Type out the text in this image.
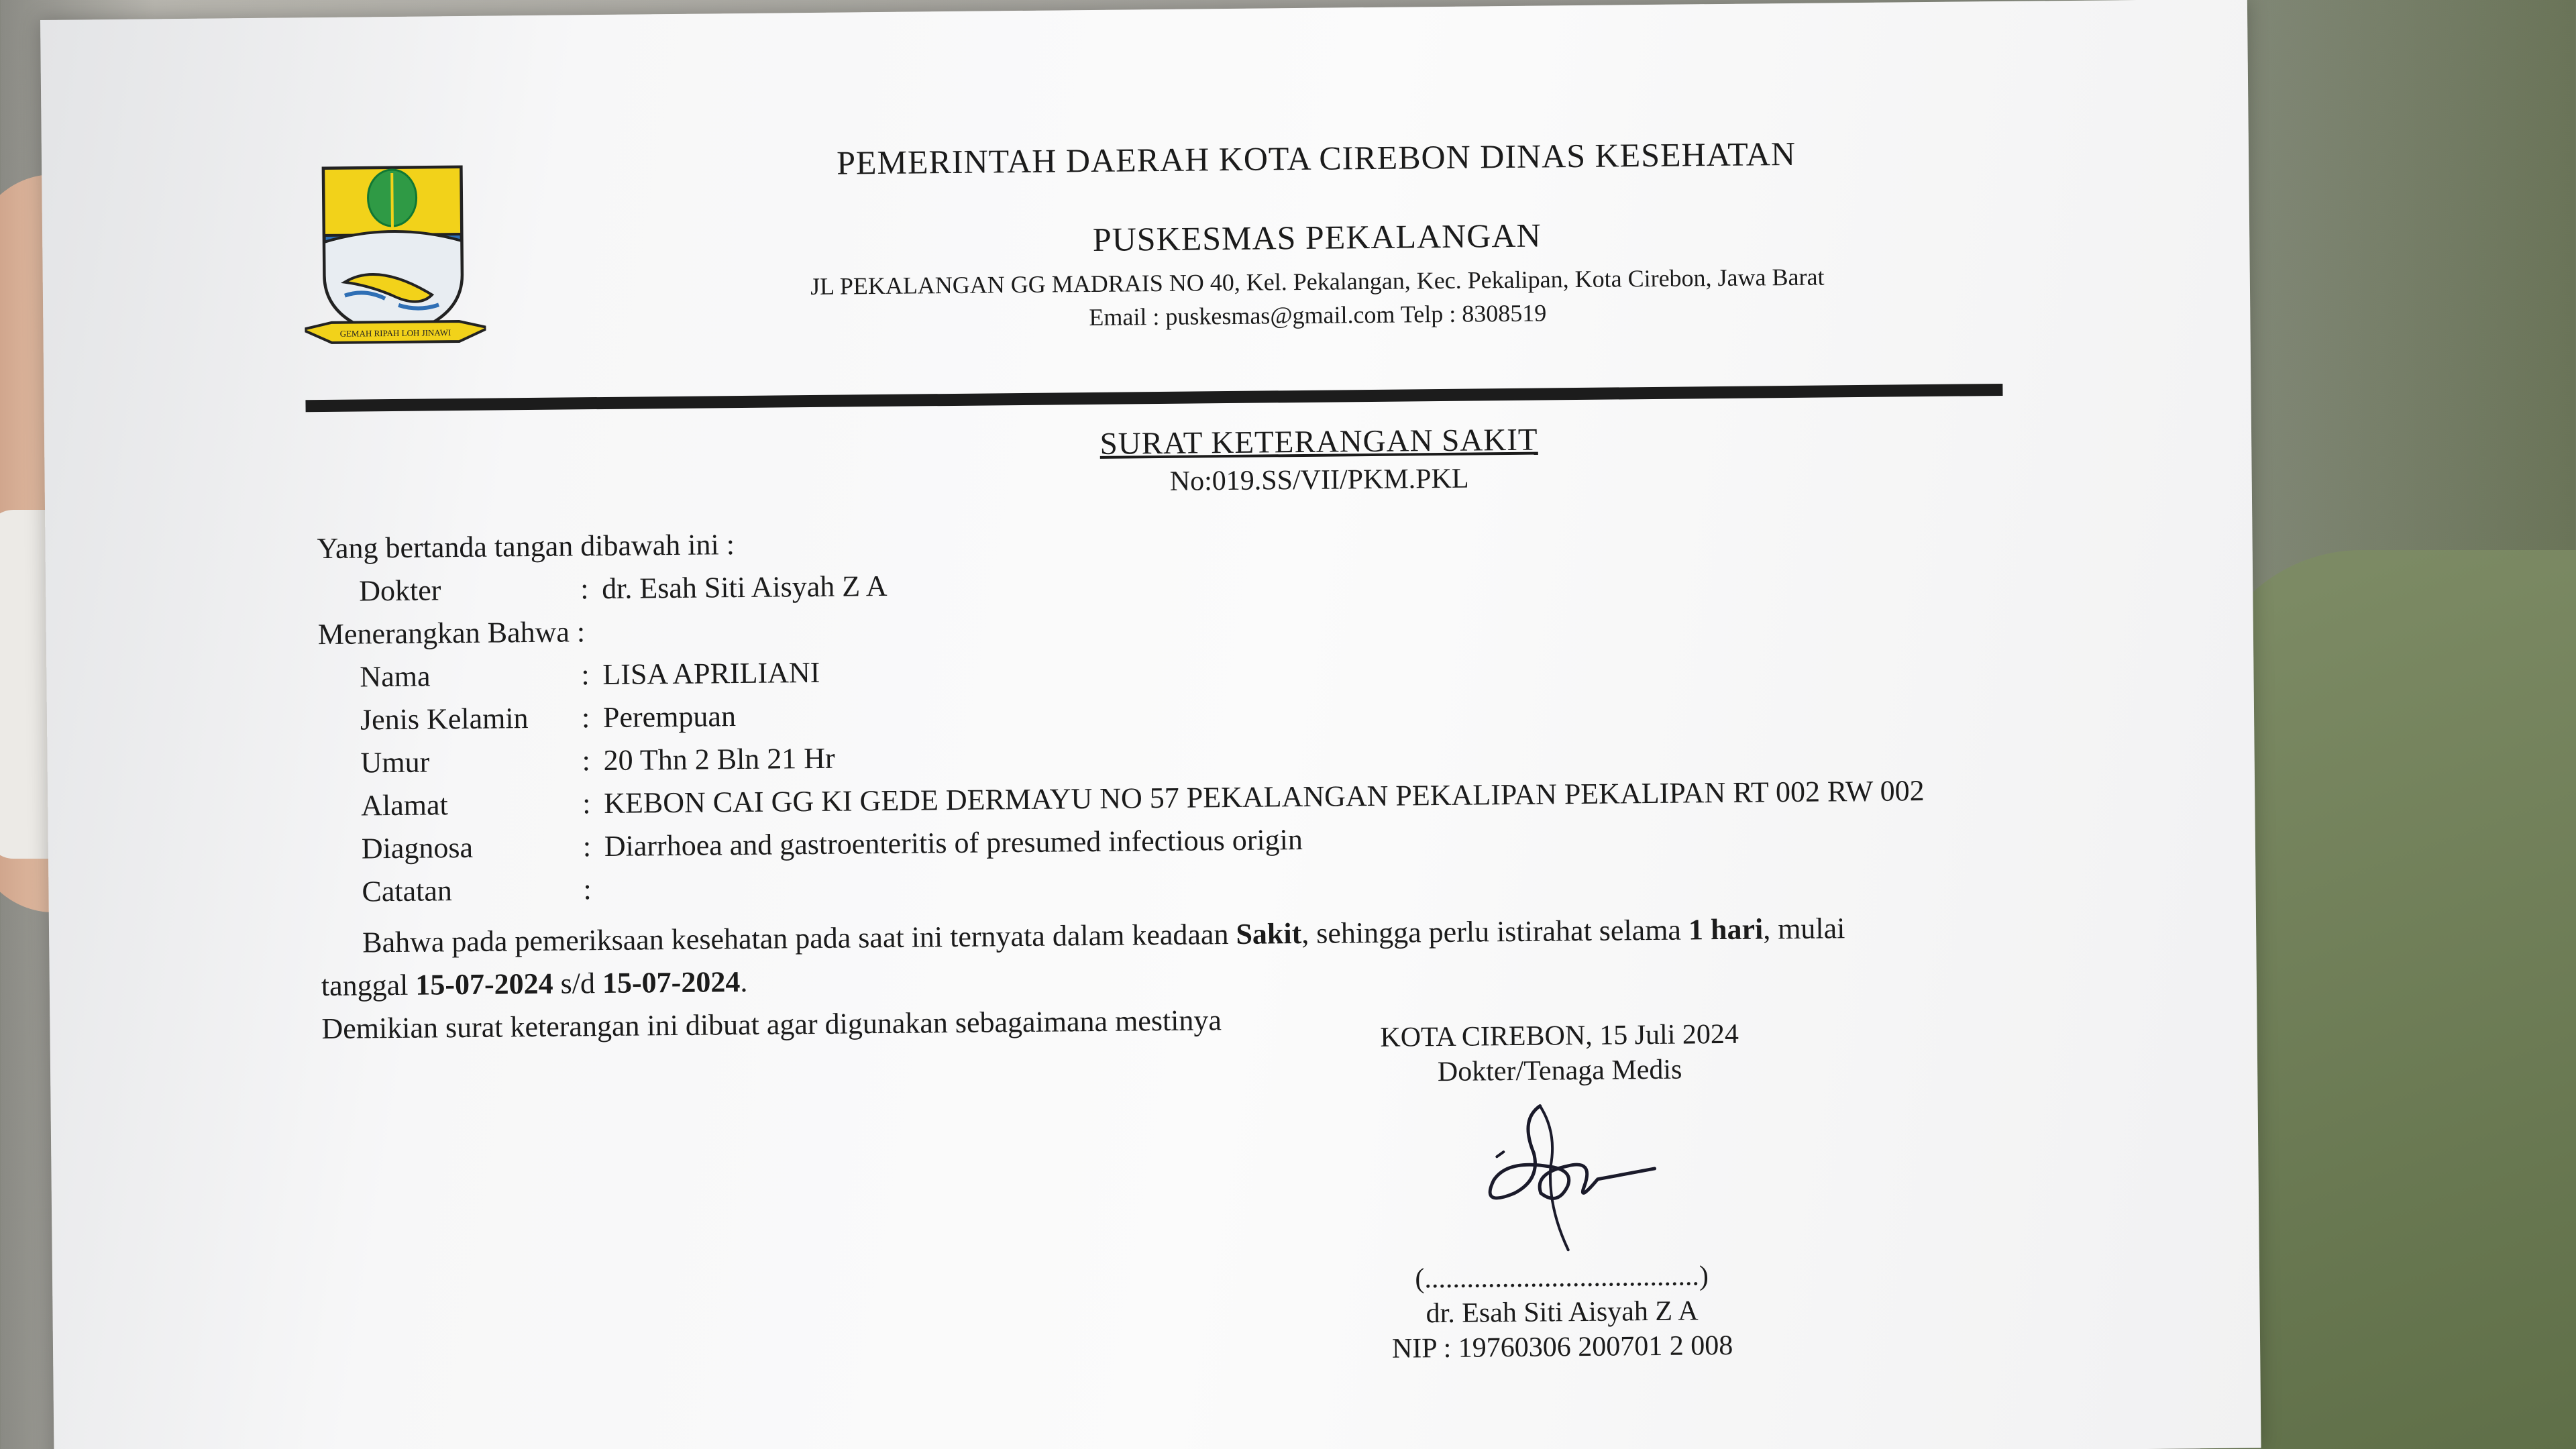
GEMAH RIPAH LOH JINAWI
PEMERINTAH DAERAH KOTA CIREBON DINAS KESEHATAN
PUSKESMAS PEKALANGAN
JL PEKALANGAN GG MADRAIS NO 40, Kel. Pekalangan, Kec. Pekalipan, Kota Cirebon, Jawa Barat
Email : puskesmas@gmail.com Telp : 8308519
SURAT KETERANGAN SAKIT
No:019.SS/VII/PKM.PKL
Yang bertanda tangan dibawah ini :
Dokter	: dr. Esah Siti Aisyah Z A
Menerangkan Bahwa :
Nama	: LISA APRILIANI
Jenis Kelamin	: Perempuan
Umur	: 20 Thn 2 Bln 21 Hr
Alamat	: KEBON CAI GG KI GEDE DERMAYU NO 57 PEKALANGAN PEKALIPAN PEKALIPAN RT 002 RW 002
Diagnosa	: Diarrhoea and gastroenteritis of presumed infectious origin
Catatan	:
Bahwa pada pemeriksaan kesehatan pada saat ini ternyata dalam keadaan Sakit, sehingga perlu istirahat selama 1 hari, mulai
tanggal 15-07-2024 s/d 15-07-2024 .
Demikian surat keterangan ini dibuat agar digunakan sebagaimana mestinya	KOTA CIREBON, 15 Juli 2024
Dokter/Tenaga Medis
(.......................................)
dr. Esah Siti Aisyah Z A
NIP : 19760306 200701 2 008
